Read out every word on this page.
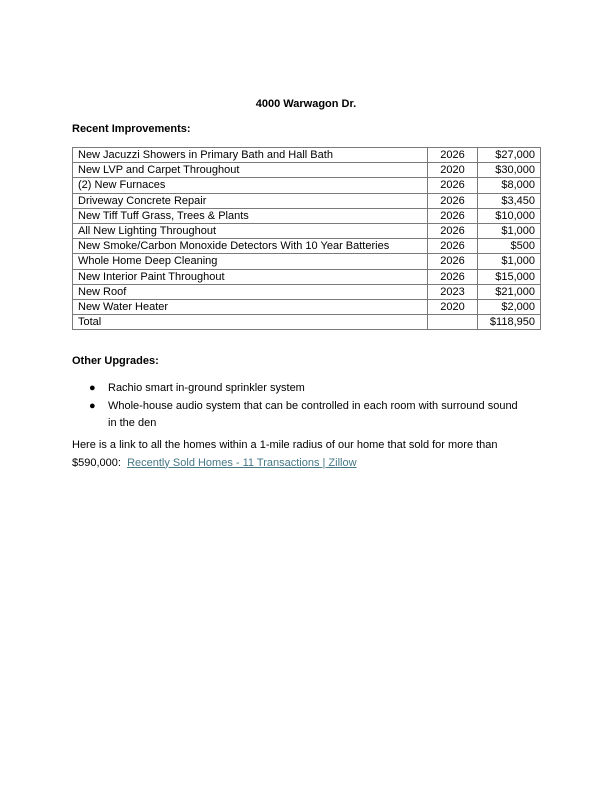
4000 Warwagon Dr.
Recent Improvements:
New Jacuzzi Showers in Primary Bath and Hall Bath	2026	$27,000
New LVP and Carpet Throughout	2020	$30,000
(2) New Furnaces	2026	$8,000
Driveway Concrete Repair	2026	$3,450
New Tiff Tuff Grass, Trees & Plants	2026	$10,000
All New Lighting Throughout	2026	$1,000
New Smoke/Carbon Monoxide Detectors With 10 Year Batteries	2026	$500
Whole Home Deep Cleaning	2026	$1,000
New Interior Paint Throughout	2026	$15,000
New Roof	2023	$21,000
New Water Heater	2020	$2,000
Total		$118,950
Other Upgrades:
● Rachio smart in-ground sprinkler system
● Whole-house audio system that can be controlled in each room with surround sound in the den
Here is a link to all the homes within a 1-mile radius of our home that sold for more than $590,000: Recently Sold Homes - 11 Transactions | Zillow
